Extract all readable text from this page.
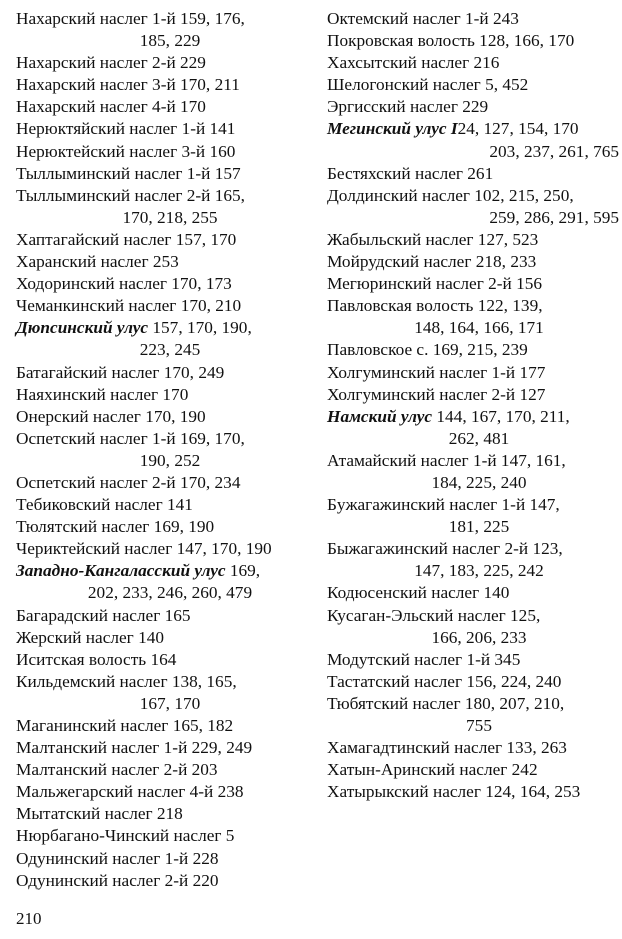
Нахарский наслег 1-й 159, 176,
185, 229
Нахарский наслег 2-й 229
Нахарский наслег 3-й 170, 211
Нахарский наслег 4-й 170
Нерюктяйский наслег 1-й 141
Нерюктейский наслег 3-й 160
Тыллыминский наслег 1-й 157
Тыллыминский наслег 2-й 165,
170, 218, 255
Хаптагайский наслег 157, 170
Харанский наслег 253
Ходоринский наслег 170, 173
Чеманкинский наслег 170, 210
Дюпсинский улус 157, 170, 190,
223, 245
Батагайский наслег 170, 249
Наяхинский наслег 170
Онерский наслег 170, 190
Оспетский наслег 1-й 169, 170,
190, 252
Оспетский наслег 2-й 170, 234
Тебиковский наслег 141
Тюлятский наслег 169, 190
Чериктейский наслег 147, 170, 190
Западно-Кангаласский улус 169,
202, 233, 246, 260, 479
Багарадский наслег 165
Жерский наслег 140
Иситская волость 164
Кильдемский наслег 138, 165,
167, 170
Маганинский наслег 165, 182
Малтанский наслег 1-й 229, 249
Малтанский наслег 2-й 203
Мальжегарский наслег 4-й 238
Мытатский наслег 218
Нюрбагано-Чинский наслег 5
Одунинский наслег 1-й 228
Одунинский наслег 2-й 220
Октемский наслег 1-й 243
Покровская волость 128, 166, 170
Хахсытский наслег 216
Шелогонский наслег 5, 452
Эргисский наслег 229
Мегинский улус I24, 127, 154, 170
203, 237, 261, 765
Бестяхский наслег 261
Долдинский наслег 102, 215, 250,
259, 286, 291, 595
Жабыльский наслег 127, 523
Мойрудский наслег 218, 233
Мегюринский наслег 2-й 156
Павловская волость 122, 139,
148, 164, 166, 171
Павловское с. 169, 215, 239
Холгуминский наслег 1-й 177
Холгуминский наслег 2-й 127
Намский улус 144, 167, 170, 211,
262, 481
Атамайский наслег 1-й 147, 161,
184, 225, 240
Бyжагажинский наслег 1-й 147,
181, 225
Быжагажинский наслег 2-й 123,
147, 183, 225, 242
Кодюсенский наслег 140
Кусаган-Эльский наслег 125,
166, 206, 233
Модутский наслег 1-й 345
Тастатский наслег 156, 224, 240
Тюбятский наслег 180, 207, 210,
755
Хамагадтинский наслег 133, 263
Хатын-Аринский наслег 242
Хатырыкский наслег 124, 164, 253
210
